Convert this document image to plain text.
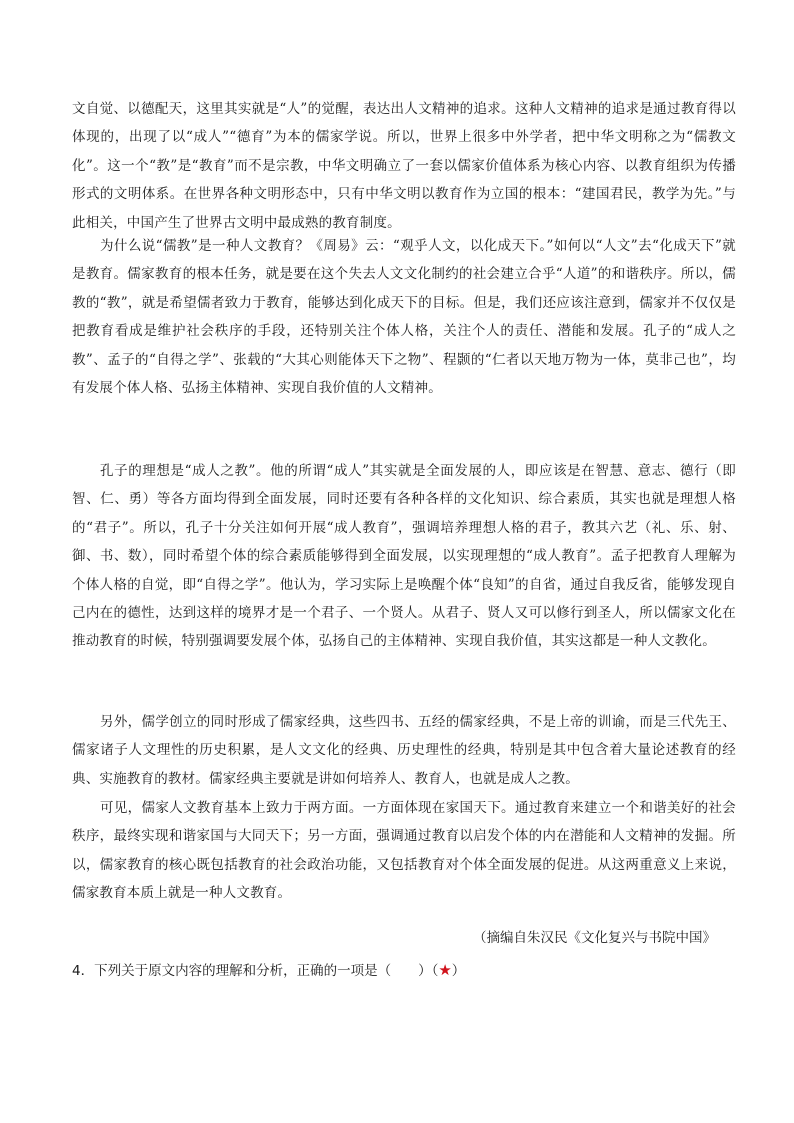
文自觉、以德配天，这里其实就是“人”的觉醒，表达出人文精神的追求。这种人文精神的追求是通过教育得以体现的，出现了以“成人”“德育”为本的儒家学说。所以，世界上很多中外学者，把中华文明称之为“儒教文化”。这一个“教”是“教育”而不是宗教，中华文明确立了一套以儒家价值体系为核心内容、以教育组织为传播形式的文明体系。在世界各种文明形态中，只有中华文明以教育作为立国的根本：“建国君民，教学为先。”与此相关，中国产生了世界古文明中最成熟的教育制度。

为什么说“儒教”是一种人文教育？《周易》云：“观乎人文，以化成天下。”如何以“人文”去“化成天下”就是教育。儒家教育的根本任务，就是要在这个失去人文文化制约的社会建立合乎“人道”的和谐秩序。所以，儒教的“教”，就是希望儒者致力于教育，能够达到化成天下的目标。但是，我们还应该注意到，儒家并不仅仅是把教育看成是维护社会秩序的手段，还特别关注个体人格，关注个人的责任、潜能和发展。孔子的“成人之教”、孟子的“自得之学”、张载的“大其心则能体天下之物”、程颢的“仁者以天地万物为一体，莫非己也”，均有发展个体人格、弘扬主体精神、实现自我价值的人文精神。

孔子的理想是“成人之教”。他的所谓“成人”其实就是全面发展的人，即应该是在智慧、意志、德行（即智、仁、勇）等各方面均得到全面发展，同时还要有各种各样的文化知识、综合素质，其实也就是理想人格的“君子”。所以，孔子十分关注如何开展“成人教育”，强调培养理想人格的君子，教其六艺（礼、乐、射、御、书、数），同时希望个体的综合素质能够得到全面发展，以实现理想的“成人教育”。孟子把教育人理解为个体人格的自觉，即“自得之学”。他认为，学习实际上是唤醒个体“良知”的自省，通过自我反省，能够发现自己内在的德性，达到这样的境界才是一个君子、一个贤人。从君子、贤人又可以修行到圣人，所以儒家文化在推动教育的时候，特别强调要发展个体，弘扬自己的主体精神、实现自我价值，其实这都是一种人文教化。

另外，儒学创立的同时形成了儒家经典，这些四书、五经的儒家经典，不是上帝的训谕，而是三代先王、儒家诸子人文理性的历史积累，是人文文化的经典、历史理性的经典，特别是其中包含着大量论述教育的经典、实施教育的教材。儒家经典主要就是讲如何培养人、教育人，也就是成人之教。

可见，儒家人文教育基本上致力于两方面。一方面体现在家国天下。通过教育来建立一个和谐美好的社会秩序，最终实现和谐家国与大同天下；另一方面，强调通过教育以启发个体的内在潜能和人文精神的发掘。所以，儒家教育的核心既包括教育的社会政治功能，又包括教育对个体全面发展的促进。从这两重意义上来说，儒家教育本质上就是一种人文教育。

（摘编自朱汉民《文化复兴与书院中国》
4．下列关于原文内容的理解和分析，正确的一项是（　　）（★）
